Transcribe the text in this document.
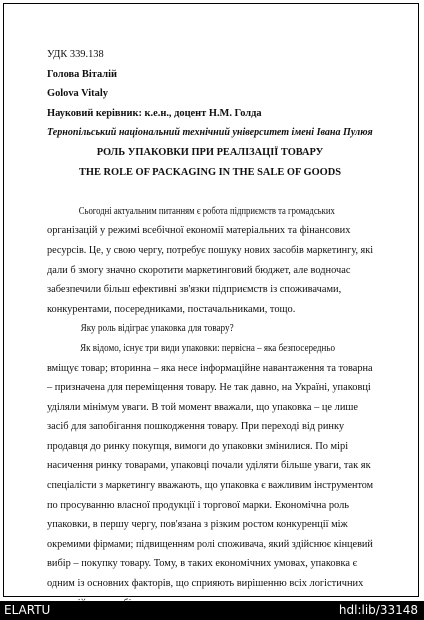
УДК 339.138
Голова Віталій
Golova Vitaly
Науковий керівник: к.е.н., доцент Н.М. Голда
Тернопільський національний технічний університет імені Івана Пулюя
РОЛЬ УПАКОВКИ ПРИ РЕАЛІЗАЦІЇ ТОВАРУ
THE ROLE OF PACKAGING IN THE SALE OF GOODS
Сьогодні актуальним питанням є робота підприємств та громадських
організацій у режимі всебічної економії матеріальних та фінансових
ресурсів. Це, у свою чергу, потребує пошуку нових засобів маркетингу, які
дали б змогу значно скоротити маркетинговий бюджет, але водночас
забезпечили більш ефективні зв'язки підприємств із споживачами,
конкурентами, посередниками, постачальниками, тощо.
Яку роль відіграє упаковка для товару?
Як відомо, існує три види упаковки: первісна – яка безпосередньо
вміщує товар; вторинна – яка несе інформаційне навантаження та товарна
– призначена для переміщення товару. Не так давно, на Україні, упаковці
уділяли мінімум уваги. В той момент вважали, що упаковка – це лише
засіб для запобігання пошкодження товару. При переході від ринку
продавця до ринку покупця, вимоги до упаковки змінилися. По мірі
насичення ринку товарами, упаковці почали уділяти більше уваги, так як
спеціалісти з маркетингу вважають, що упаковка є важливим інструментом
по просуванню власної продукції і торгової марки. Економічна роль
упаковки, в першу чергу, пов'язана з різким ростом конкуренції між
окремими фірмами; підвищенням ролі споживача, який здійснює кінцевий
вибір – покупку товару. Тому, в таких економічних умовах, упаковка є
одним із основних факторів, що сприяють вирішенню всіх логістичних
ELARTU	hdl:lib/33148
